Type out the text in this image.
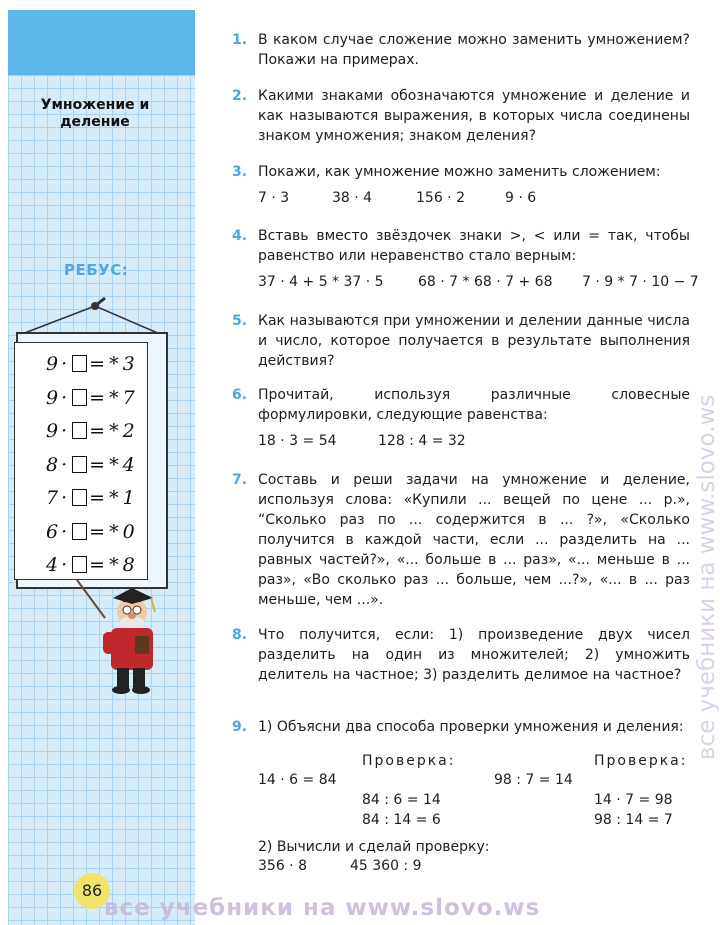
Умножение и деление
РЕБУС:
9 · = * 3
9 · = * 7
9 · = * 2
8 · = * 4
7 · = * 1
6 · = * 0
4 · = * 8
1. В каком случае сложение можно заменить умножением? Покажи на примерах.
2. Какими знаками обозначаются умножение и деление и как называются выражения, в которых числа соединены знаком умножения; знаком деления?
3. Покажи, как умножение можно заменить сложением:
7 · 3	38 · 4	156 · 2	9 · 6
4. Вставь вместо звёздочек знаки >, < или = так, чтобы равенство или неравенство стало верным:
37 · 4 + 5 * 37 · 5 68 · 7 * 68 · 7 + 68 7 · 9 * 7 · 10 − 7
5. Как называются при умножении и делении данные числа и число, которое получается в результате выполнения действия?
6. Прочитай, используя различные словесные формулировки, следующие равенства:
18 · 3 = 54	128 : 4 = 32
7. Составь и реши задачи на умножение и деление, используя слова: «Купили ... вещей по цене ... р.», “Сколько раз по ... содержится в ... ?», «Сколько получится в каждой части, если ... разделить на ... равных частей?», «... больше в ... раз», «... меньше в ... раз», «Во сколько раз ... больше, чем ...?», «... в ... раз меньше, чем ...».
8. Что получится, если: 1) произведение двух чисел разделить на один из множителей; 2) умножить делитель на частное; 3) разделить делимое на частное?
9. 1) Объясни два способа проверки умножения и деления:
Проверка:	Проверка:
14 · 6 = 84
84 : 6 = 14
84 : 14 = 6
98 : 7 = 14
14 · 7 = 98
98 : 14 = 7
2) Вычисли и сделай проверку:
356 · 8	45 360 : 9
86
все учебники на www.slovo.ws
все учебники на www.slovo.ws
